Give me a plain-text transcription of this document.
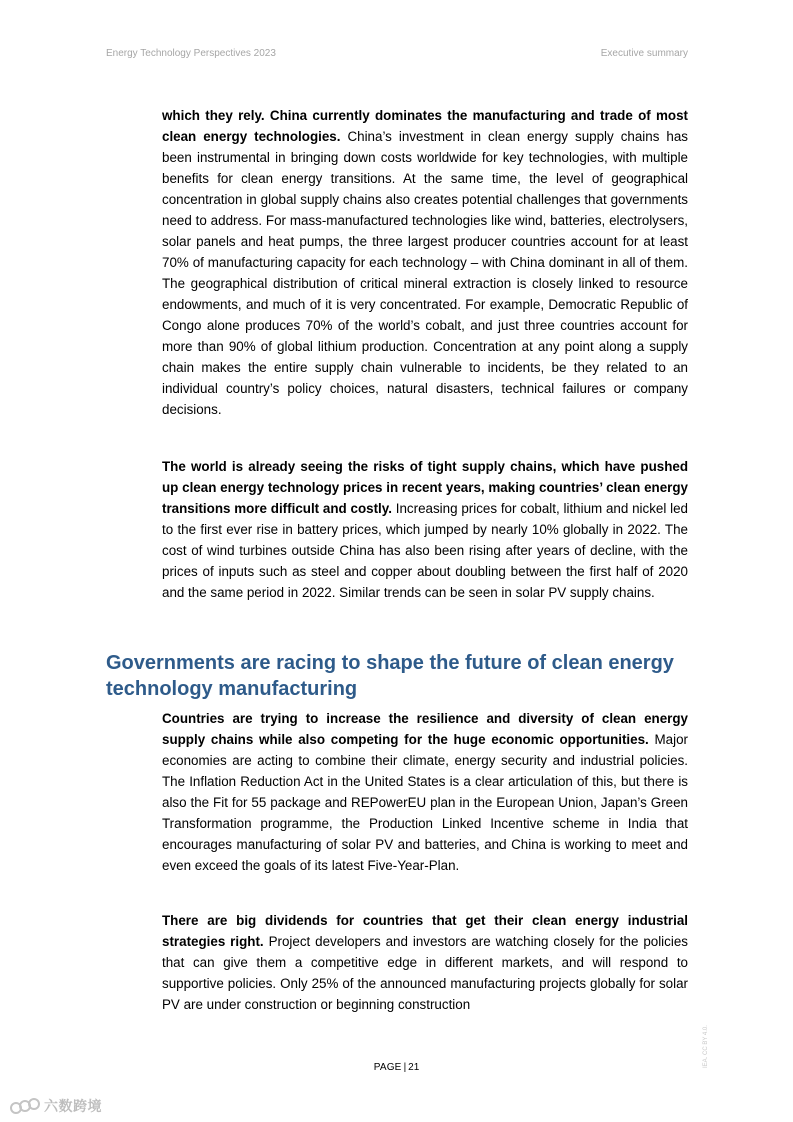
Energy Technology Perspectives 2023	Executive summary

which they rely. China currently dominates the manufacturing and trade of most clean energy technologies. China’s investment in clean energy supply chains has been instrumental in bringing down costs worldwide for key technologies, with multiple benefits for clean energy transitions. At the same time, the level of geographical concentration in global supply chains also creates potential challenges that governments need to address. For mass-manufactured technologies like wind, batteries, electrolysers, solar panels and heat pumps, the three largest producer countries account for at least 70% of manufacturing capacity for each technology – with China dominant in all of them. The geographical distribution of critical mineral extraction is closely linked to resource endowments, and much of it is very concentrated. For example, Democratic Republic of Congo alone produces 70% of the world’s cobalt, and just three countries account for more than 90% of global lithium production. Concentration at any point along a supply chain makes the entire supply chain vulnerable to incidents, be they related to an individual country’s policy choices, natural disasters, technical failures or company decisions.

The world is already seeing the risks of tight supply chains, which have pushed up clean energy technology prices in recent years, making countries’ clean energy transitions more difficult and costly. Increasing prices for cobalt, lithium and nickel led to the first ever rise in battery prices, which jumped by nearly 10% globally in 2022. The cost of wind turbines outside China has also been rising after years of decline, with the prices of inputs such as steel and copper about doubling between the first half of 2020 and the same period in 2022. Similar trends can be seen in solar PV supply chains.

Governments are racing to shape the future of clean energy technology manufacturing

Countries are trying to increase the resilience and diversity of clean energy supply chains while also competing for the huge economic opportunities. Major economies are acting to combine their climate, energy security and industrial policies. The Inflation Reduction Act in the United States is a clear articulation of this, but there is also the Fit for 55 package and REPowerEU plan in the European Union, Japan’s Green Transformation programme, the Production Linked Incentive scheme in India that encourages manufacturing of solar PV and batteries, and China is working to meet and even exceed the goals of its latest Five-Year-Plan.

There are big dividends for countries that get their clean energy industrial strategies right. Project developers and investors are watching closely for the policies that can give them a competitive edge in different markets, and will respond to supportive policies. Only 25% of the announced manufacturing projects globally for solar PV are under construction or beginning construction

PAGE | 21	IEA. CC BY 4.0.
六数跨境
